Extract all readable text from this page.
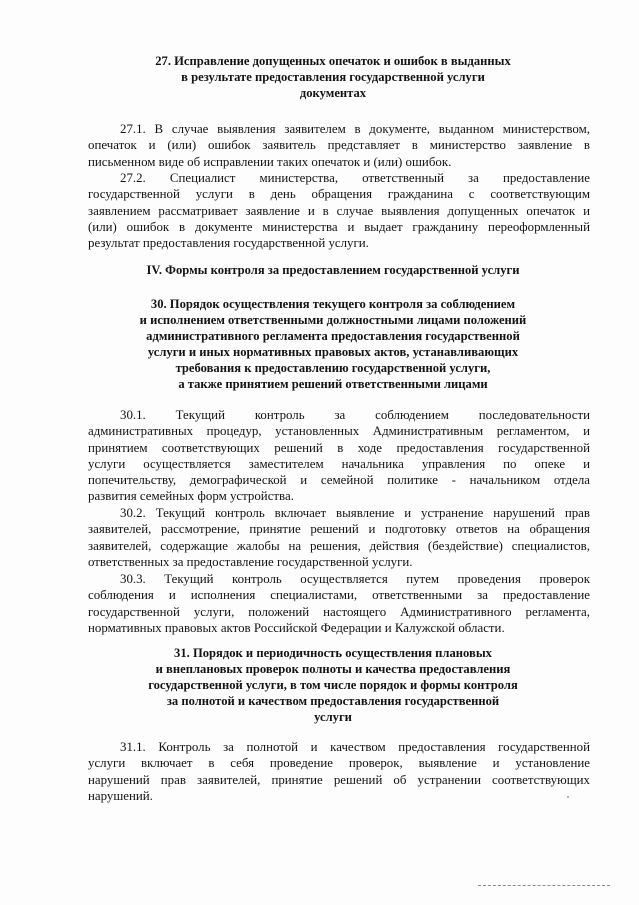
27. Исправление допущенных опечаток и ошибок в выданных
в результате предоставления государственной услуги
документах
27.1. В случае выявления заявителем в документе, выданном министерством,
опечаток и (или) ошибок заявитель представляет в министерство заявление в
письменном виде об исправлении таких опечаток и (или) ошибок.
27.2. Специалист министерства, ответственный за предоставление
государственной услуги в день обращения гражданина с соответствующим
заявлением рассматривает заявление и в случае выявления допущенных опечаток и
(или) ошибок в документе министерства и выдает гражданину переоформленный
результат предоставления государственной услуги.
IV. Формы контроля за предоставлением государственной услуги
30. Порядок осуществления текущего контроля за соблюдением
и исполнением ответственными должностными лицами положений
административного регламента предоставления государственной
услуги и иных нормативных правовых актов, устанавливающих
требования к предоставлению государственной услуги,
а также принятием решений ответственными лицами
30.1. Текущий контроль за соблюдением последовательности
административных процедур, установленных Административным регламентом, и
принятием соответствующих решений в ходе предоставления государственной
услуги осуществляется заместителем начальника управления по опеке и
попечительству, демографической и семейной политике - начальником отдела
развития семейных форм устройства.
30.2. Текущий контроль включает выявление и устранение нарушений прав
заявителей, рассмотрение, принятие решений и подготовку ответов на обращения
заявителей, содержащие жалобы на решения, действия (бездействие) специалистов,
ответственных за предоставление государственной услуги.
30.3. Текущий контроль осуществляется путем проведения проверок
соблюдения и исполнения специалистами, ответственными за предоставление
государственной услуги, положений настоящего Административного регламента,
нормативных правовых актов Российской Федерации и Калужской области.
31. Порядок и периодичность осуществления плановых
и внеплановых проверок полноты и качества предоставления
государственной услуги, в том числе порядок и формы контроля
за полнотой и качеством предоставления государственной
услуги
31.1. Контроль за полнотой и качеством предоставления государственной
услуги включает в себя проведение проверок, выявление и установление
нарушений прав заявителей, принятие решений об устранении соответствующих
нарушений.
